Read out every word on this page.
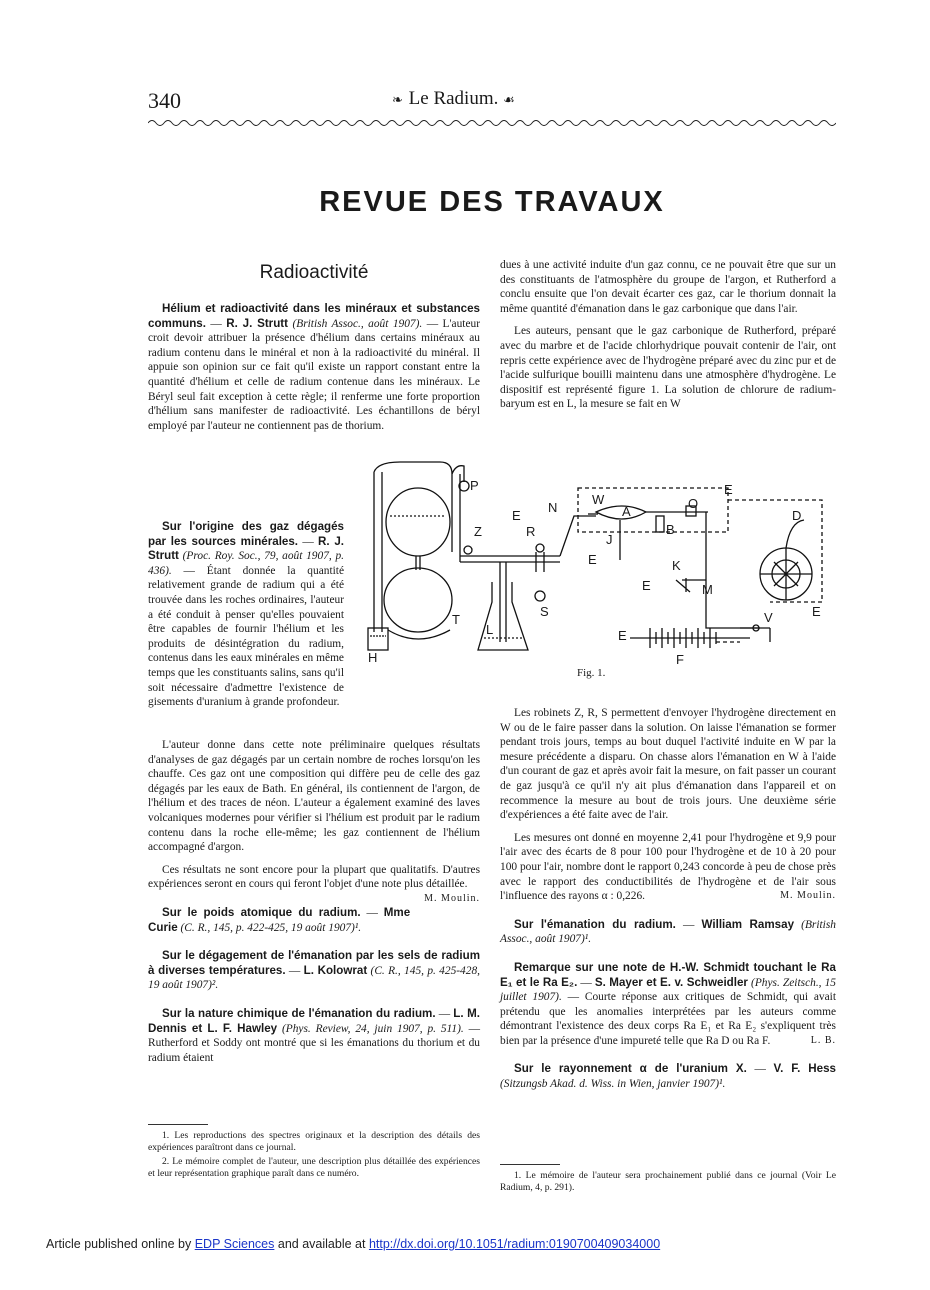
340	❧ Le Radium. ☙
REVUE DES TRAVAUX
Radioactivité

Hélium et radioactivité dans les minéraux et substances communs. — R. J. Strutt (British Assoc., août 1907). — L'auteur croit devoir attribuer la présence d'hélium dans certains minéraux au radium contenu dans le minéral et non à la radioactivité du minéral. Il appuie son opinion sur ce fait qu'il existe un rapport constant entre la quantité d'hélium et celle de radium contenue dans les minéraux. Le Béryl seul fait exception à cette règle; il renferme une forte proportion d'hélium sans manifester de radioactivité. Les échantillons de béryl employé par l'auteur ne contiennent pas de thorium.

Sur l'origine des gaz dégagés par les sources minérales. — R. J. Strutt (Proc. Roy. Soc., 79, août 1907, p. 436). — Étant donnée la quantité relativement grande de radium qui a été trouvée dans les roches ordinaires, l'auteur a été conduit à penser qu'elles pouvaient être capables de fournir l'hélium et les produits de désintégration du radium, contenus dans les eaux minérales en même temps que les constituants salins, sans qu'il soit nécessaire d'admettre l'existence de gisements d'uranium à grande profondeur.

L'auteur donne dans cette note préliminaire quelques résultats d'analyses de gaz dégagés par un certain nombre de roches lorsqu'on les chauffe. Ces gaz ont une composition qui diffère peu de celle des gaz dégagés par les eaux de Bath. En général, ils contiennent de l'argon, de l'hélium et des traces de néon. L'auteur a également examiné des laves volcaniques modernes pour vérifier si l'hélium est produit par le radium contenu dans la roche elle-même; les gaz contiennent de l'hélium accompagné d'argon.

Ces résultats ne sont encore pour la plupart que qualitatifs. D'autres expériences seront en cours qui feront l'objet d'une note plus détaillée.
M. Moulin.

Sur le poids atomique du radium. — Mme Curie (C. R., 145, p. 422-425, 19 août 1907)¹.

Sur le dégagement de l'émanation par les sels de radium à diverses températures. — L. Kolowrat (C. R., 145, p. 425-428, 19 août 1907)².

Sur la nature chimique de l'émanation du radium. — L. M. Dennis et L. F. Hawley (Phys. Review, 24, juin 1907, p. 511). — Rutherford et Soddy ont montré que si les émanations du thorium et du radium étaient

1. Les reproductions des spectres originaux et la description des détails des expériences paraîtront dans ce journal.

2. Le mémoire complet de l'auteur, une description plus détaillée des expériences et leur représentation graphique paraît dans ce numéro.

dues à une activité induite d'un gaz connu, ce ne pouvait être que sur un des constituants de l'atmosphère du groupe de l'argon, et Rutherford a conclu ensuite que l'on devait écarter ces gaz, car le thorium donnait la même quantité d'émanation dans le gaz carbonique que dans l'air.

Les auteurs, pensant que le gaz carbonique de Rutherford, préparé avec du marbre et de l'acide chlorhydrique pouvait contenir de l'air, ont repris cette expérience avec de l'hydrogène préparé avec du zinc pur et de l'acide sulfurique bouilli maintenu dans une atmosphère d'hydrogène. Le dispositif est représenté figure 1. La solution de chlorure de radium-baryum est en L, la mesure se fait en W

P
H
T
Z	R
S
L
N
W
A
B
O
J
K
M
D
V
F
E
E
E
E
E
E
Fig. 1.

Les robinets Z, R, S permettent d'envoyer l'hydrogène directement en W ou de le faire passer dans la solution. On laisse l'émanation se former pendant trois jours, temps au bout duquel l'activité induite en W par la mesure précédente a disparu. On chasse alors l'émanation en W à l'aide d'un courant de gaz et après avoir fait la mesure, on fait passer un courant de gaz jusqu'à ce qu'il n'y ait plus d'émanation dans l'appareil et on recommence la mesure au bout de trois jours. Une deuxième série d'expériences a été faite avec de l'air.

Les mesures ont donné en moyenne 2,41 pour l'hydrogène et 9,9 pour l'air avec des écarts de 8 pour 100 pour l'hydrogène et de 10 à 20 pour 100 pour l'air, nombre dont le rapport 0,243 concorde à peu de chose près avec le rapport des conductibilités de l'hydrogène et de l'air sous l'influence des rayons α : 0,226.	M. Moulin.

Sur l'émanation du radium. — William Ramsay (British Assoc., août 1907)¹.

Remarque sur une note de H.-W. Schmidt touchant le Ra E₁ et le Ra E₂. — S. Mayer et E. v. Schweidler (Phys. Zeitsch., 15 juillet 1907). — Courte réponse aux critiques de Schmidt, qui avait prétendu que les anomalies interprétées par les auteurs comme démontrant l'existence des deux corps Ra E₁ et Ra E₂ s'expliquent très bien par la présence d'une impureté telle que Ra D ou Ra F.	L. B.

Sur le rayonnement α de l'uranium X. — V. F. Hess (Sitzungsb Akad. d. Wiss. in Wien, janvier 1907)¹.

1. Le mémoire de l'auteur sera prochainement publié dans ce journal (Voir Le Radium, 4, p. 291).

Article published online by EDP Sciences and available at http://dx.doi.org/10.1051/radium:0190700409034000
